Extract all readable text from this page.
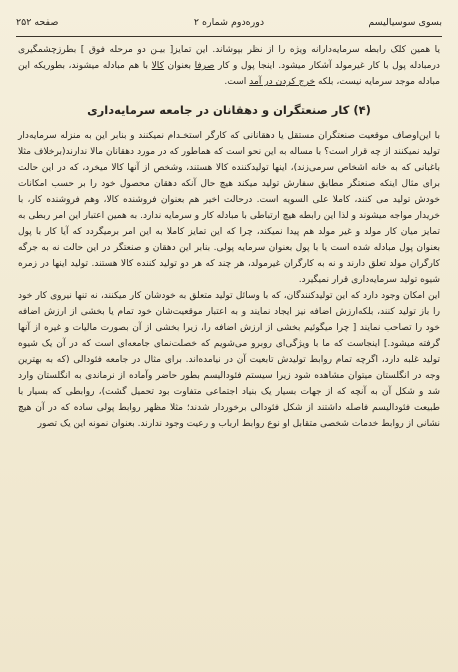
بسوی سوسیالیسم
دوره‌دوم شماره ۲
صفحه‌ ۲۵۲

یا همین کلک رابطه سرمایه‌دارانه ویژه را از نظر بپوشاند. این تمایز[ بیـن دو مرحله‌ فوق ] بطرزچشمگیری درمبادله‌ پول با کار غیرمولد آشکار میشود. اینجا پول و کار صرفا بعنوان کالا با هم مبادله میشوند، بطوریکه این مبادله موجد سرمایه نیست، بلکه خرج کردن در آمد است.

(۴) کار صنعتگران و دهقانان در جامعه سرمایه‌داری

با این‌اوصاف موقعیت صنعتگران مستقل یا دهقانانی که کارگر استخـدام نمیکنند و بنابر این به منزله سرمایه‌دار تولید نمیکنند از چه قرار است؟ با مساله به این نحو است که هماطور که در مورد دهقانان مالا ندارند(برخلاف مثلا باغبانی که به خانه اشخاص سرمی‌زند)، اینها تولیدکننده کالا هستند، وشخص از آنها کالا میخرد، که در این حالت برای مثال اینکه صنعتگر مطابق سفارش تولید میکند هیچ حال آنکه دهقان محصول خود را بر حسب امکانات خودش تولید می کنند، کاملا علی السویه است. درحالت اخیر هم بعنوان فروشنده کالا، وهم فروشنده کار، با خریدار مواجه میشوند و لذا این رابطه هیچ ارتباطی با مبادله کار و سرمایه ندارد. به همین اعتبار این امر ربطی به تمایز میان کار مولد و غیر مولد هم پیدا نمیکند، چرا که این تمایز کاملا به این امر برمیگردد که آیا کار با پول بعنوان پول مبادله شده است یا با پول بعنوان سرمایه پولی. بنابر این دهقان و صنعتگر در این حالت نه به جرگه کارگران مولد تعلق دارند و نه به کارگران غیرمولد، هر چند که هر دو تولید کننده کالا هستند. تولید اینها در زمره شیوه تولید سرمایه‌داری قرار نمیگیرد.

این امکان وجود دارد که این تولیدکنندگان، که با وسائل تولید متعلق به خودشان کار میکنند، نه تنها نیروی کار خود را باز تولید کنند، بلکه‌ارزش اضافه نیز ایجاد نمایند و به اعتبار موقعیت‌شان خود تمام یا بخشی از ارزش اضافه خود را تصاحب نمایند [ چرا میگوئیم بخشی از ارزش اضافه را، زیرا بخشی از آن بصورت مالیات و غیره از آنها گرفته میشود.] اینجاست که ما با ویژگی‌ای روبرو می‌شویم که خصلت‌نمای جامعه‌ای است که در آن یک شیوه تولید غلبه دارد، اگرچه تمام روابط تولیدش تابعیت آن در نیامده‌اند. برای مثال در جامعه فئودالی (که به بهترین وجه در انگلستان میتوان مشاهده شود زیرا سیستم فئودالیسم بطور حاضر وآماده از نرماندی به انگلستان وارد شد و شکل آن به آنچه که از جهات بسیار یک بنیاد اجتماعی متفاوت بود تحمیل گشت)، روابطی که بسیار با طبیعت فئودالیسم فاصله داشتند از شکل فئودالی برخوردار شدند؛ مثلا مظهر روابط پولی ساده که در آن هیچ نشانی از روابط خدمات شخصی متقابل او نوع روابط ارباب و رعیت وجود ندارند. بعنوان نمونه این یک تصور
